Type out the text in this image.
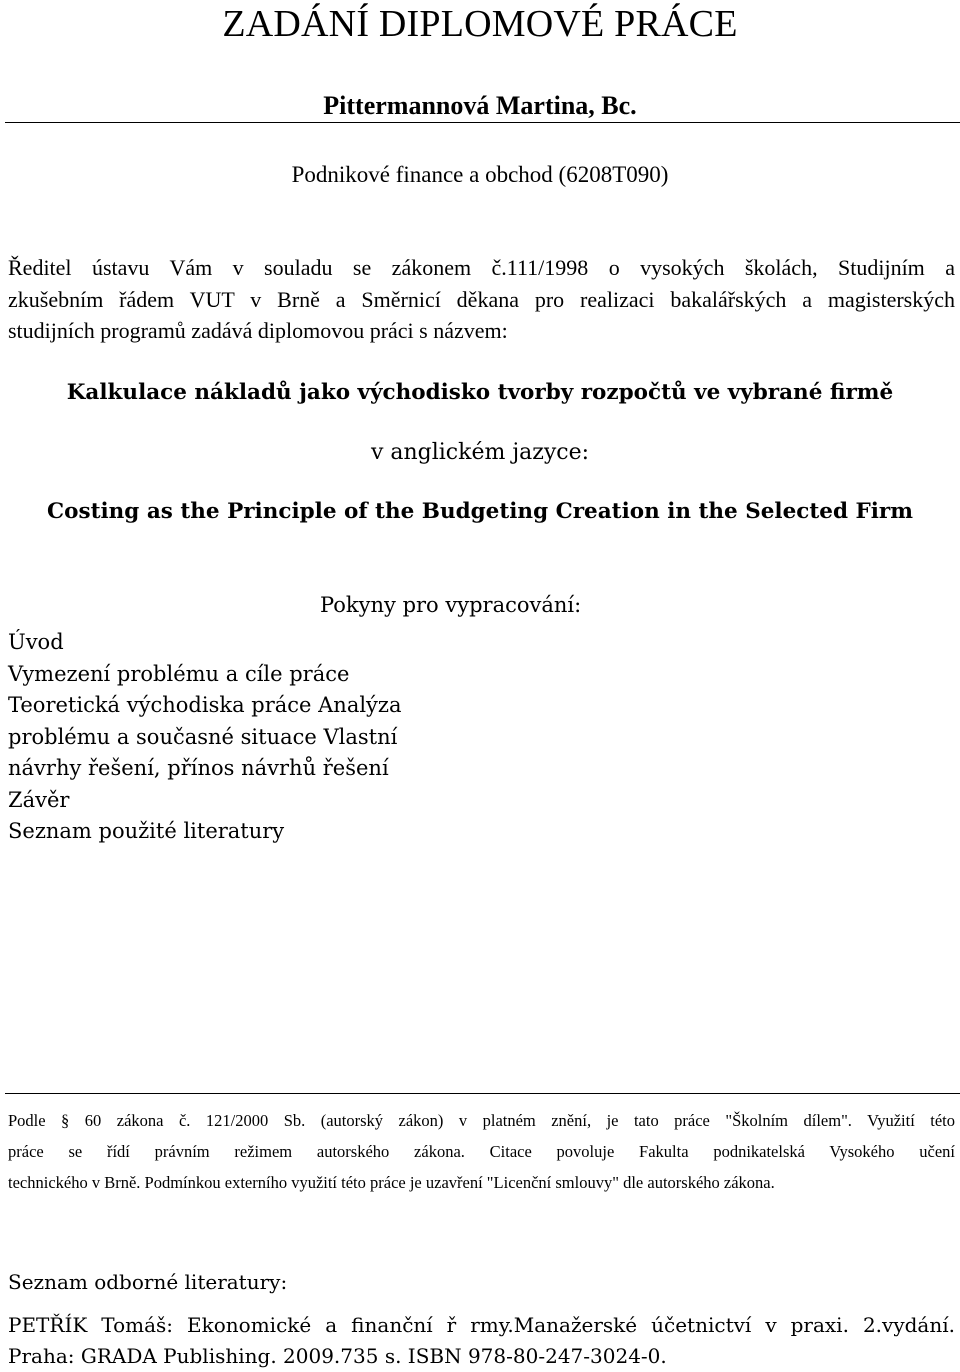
ZADÁNÍ DIPLOMOVÉ PRÁCE
Pittermannová Martina, Bc.
Podnikové finance a obchod (6208T090)
Ředitel ústavu Vám v souladu se zákonem č.111/1998 o vysokých školách, Studijním a
zkušebním řádem VUT v Brně a Směrnicí děkana pro realizaci bakalářských a magisterských
studijních programů zadává diplomovou práci s názvem:
Kalkulace nákladů jako východisko tvorby rozpočtů ve vybrané firmě
v anglickém jazyce:
Costing as the Principle of the Budgeting Creation in the Selected Firm
Pokyny pro vypracování:
Úvod
Vymezení problému a cíle práce
Teoretická východiska práce Analýza
problému a současné situace Vlastní
návrhy řešení, přínos návrhů řešení
Závěr
Seznam použité literatury
Podle § 60 zákona č. 121/2000 Sb. (autorský zákon) v platném znění, je tato práce "Školním dílem". Využití této
práce se řídí právním režimem autorského zákona. Citace povoluje Fakulta podnikatelská Vysokého učení
technického v Brně. Podmínkou externího využití této práce je uzavření "Licenční smlouvy" dle autorského zákona.
Seznam odborné literatury:
PETŘÍK Tomáš: Ekonomické a finanční ř rmy.Manažerské účetnictví v praxi. 2.vydání.
Praha: GRADA Publishing. 2009.735 s. ISBN 978-80-247-3024-0.
